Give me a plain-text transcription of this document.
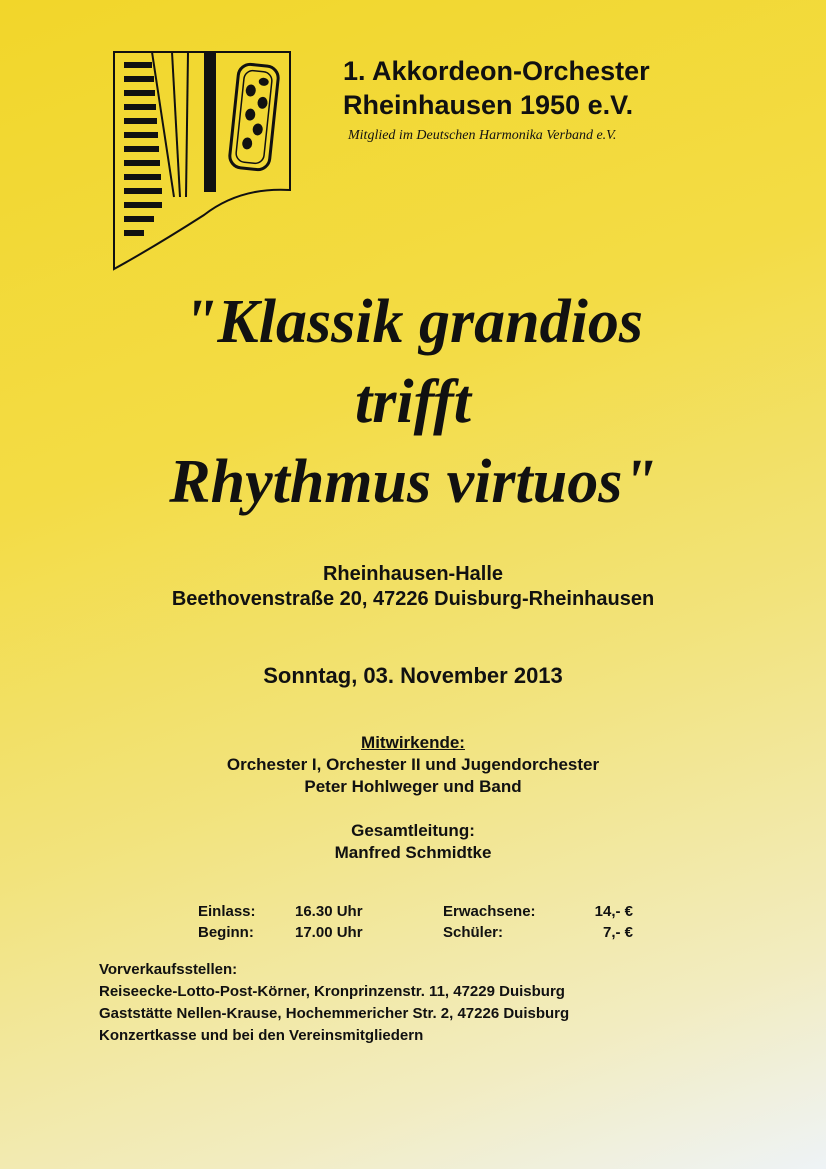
1. Akkordeon-Orchester
Rheinhausen 1950 e.V.
Mitglied im Deutschen Harmonika Verband e.V.
"Klassik grandios
trifft
Rhythmus virtuos"
Rheinhausen-Halle
Beethovenstraße 20, 47226 Duisburg-Rheinhausen
Sonntag, 03. November 2013
Mitwirkende:
Orchester I, Orchester II und Jugendorchester
Peter Hohlweger und Band
Gesamtleitung:
Manfred Schmidtke
Einlass:	16.30 Uhr
Beginn:	17.00 Uhr
Erwachsene:	14,- €
Schüler:	7,- €
Vorverkaufsstellen:
Reiseecke-Lotto-Post-Körner, Kronprinzenstr. 11, 47229 Duisburg
Gaststätte Nellen-Krause, Hochemmericher Str. 2, 47226 Duisburg
Konzertkasse und bei den Vereinsmitgliedern
